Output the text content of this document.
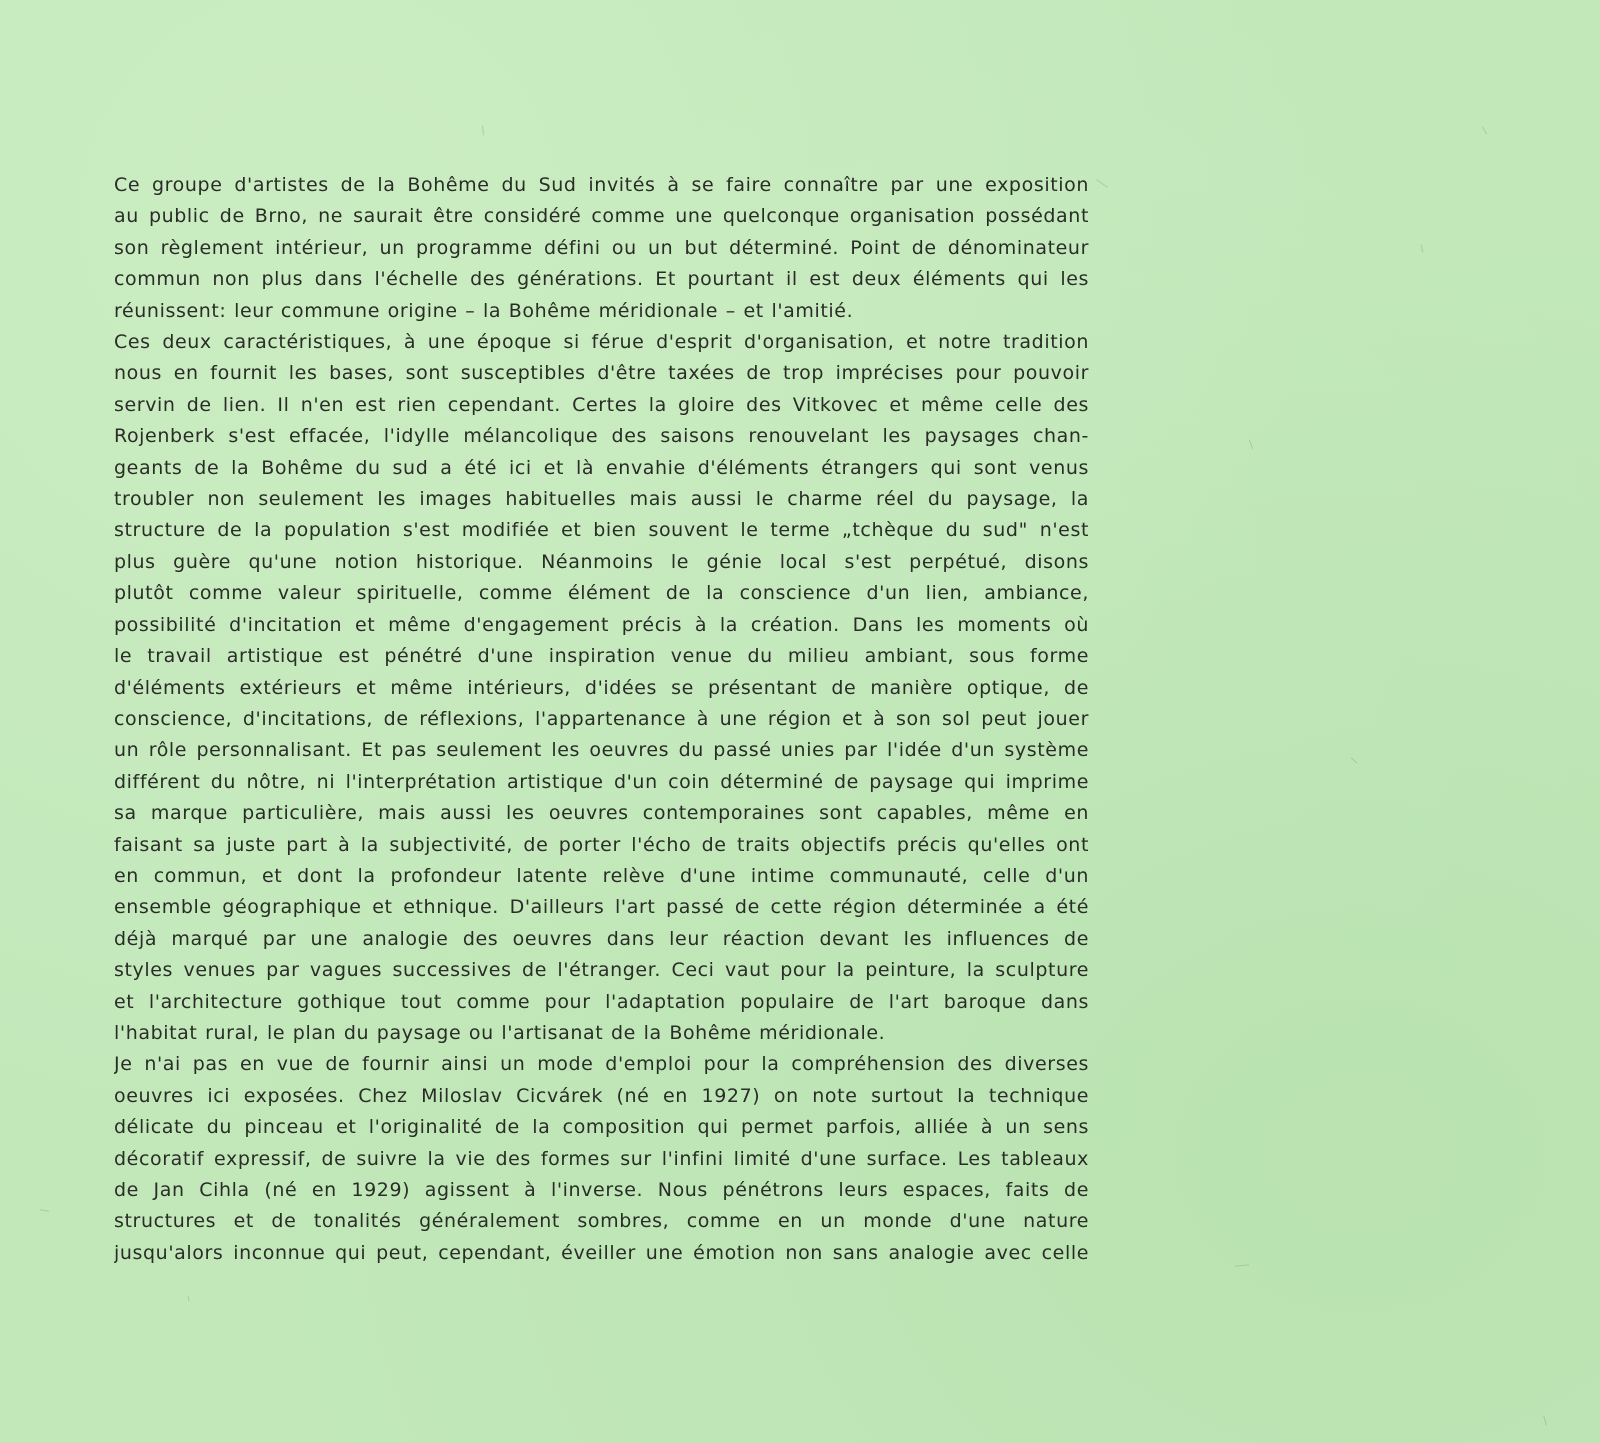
Ce groupe d'artistes de la Bohême du Sud invités à se faire connaître par une exposition
au public de Brno, ne saurait être considéré comme une quelconque organisation possédant
son règlement intérieur, un programme défini ou un but déterminé. Point de dénominateur
commun non plus dans l'échelle des générations. Et pourtant il est deux éléments qui les
réunissent: leur commune origine – la Bohême méridionale – et l'amitié.
Ces deux caractéristiques, à une époque si férue d'esprit d'organisation, et notre tradition
nous en fournit les bases, sont susceptibles d'être taxées de trop imprécises pour pouvoir
servin de lien. Il n'en est rien cependant. Certes la gloire des Vitkovec et même celle des
Rojenberk s'est effacée, l'idylle mélancolique des saisons renouvelant les paysages chan-
geants de la Bohême du sud a été ici et là envahie d'éléments étrangers qui sont venus
troubler non seulement les images habituelles mais aussi le charme réel du paysage, la
structure de la population s'est modifiée et bien souvent le terme „tchèque du sud" n'est
plus guère qu'une notion historique. Néanmoins le génie local s'est perpétué, disons
plutôt comme valeur spirituelle, comme élément de la conscience d'un lien, ambiance,
possibilité d'incitation et même d'engagement précis à la création. Dans les moments où
le travail artistique est pénétré d'une inspiration venue du milieu ambiant, sous forme
d'éléments extérieurs et même intérieurs, d'idées se présentant de manière optique, de
conscience, d'incitations, de réflexions, l'appartenance à une région et à son sol peut jouer
un rôle personnalisant. Et pas seulement les oeuvres du passé unies par l'idée d'un système
différent du nôtre, ni l'interprétation artistique d'un coin déterminé de paysage qui imprime
sa marque particulière, mais aussi les oeuvres contemporaines sont capables, même en
faisant sa juste part à la subjectivité, de porter l'écho de traits objectifs précis qu'elles ont
en commun, et dont la profondeur latente relève d'une intime communauté, celle d'un
ensemble géographique et ethnique. D'ailleurs l'art passé de cette région déterminée a été
déjà marqué par une analogie des oeuvres dans leur réaction devant les influences de
styles venues par vagues successives de l'étranger. Ceci vaut pour la peinture, la sculpture
et l'architecture gothique tout comme pour l'adaptation populaire de l'art baroque dans
l'habitat rural, le plan du paysage ou l'artisanat de la Bohême méridionale.
Je n'ai pas en vue de fournir ainsi un mode d'emploi pour la compréhension des diverses
oeuvres ici exposées. Chez Miloslav Cicvárek (né en 1927) on note surtout la technique
délicate du pinceau et l'originalité de la composition qui permet parfois, alliée à un sens
décoratif expressif, de suivre la vie des formes sur l'infini limité d'une surface. Les tableaux
de Jan Cihla (né en 1929) agissent à l'inverse. Nous pénétrons leurs espaces, faits de
structures et de tonalités généralement sombres, comme en un monde d'une nature
jusqu'alors inconnue qui peut, cependant, éveiller une émotion non sans analogie avec celle
